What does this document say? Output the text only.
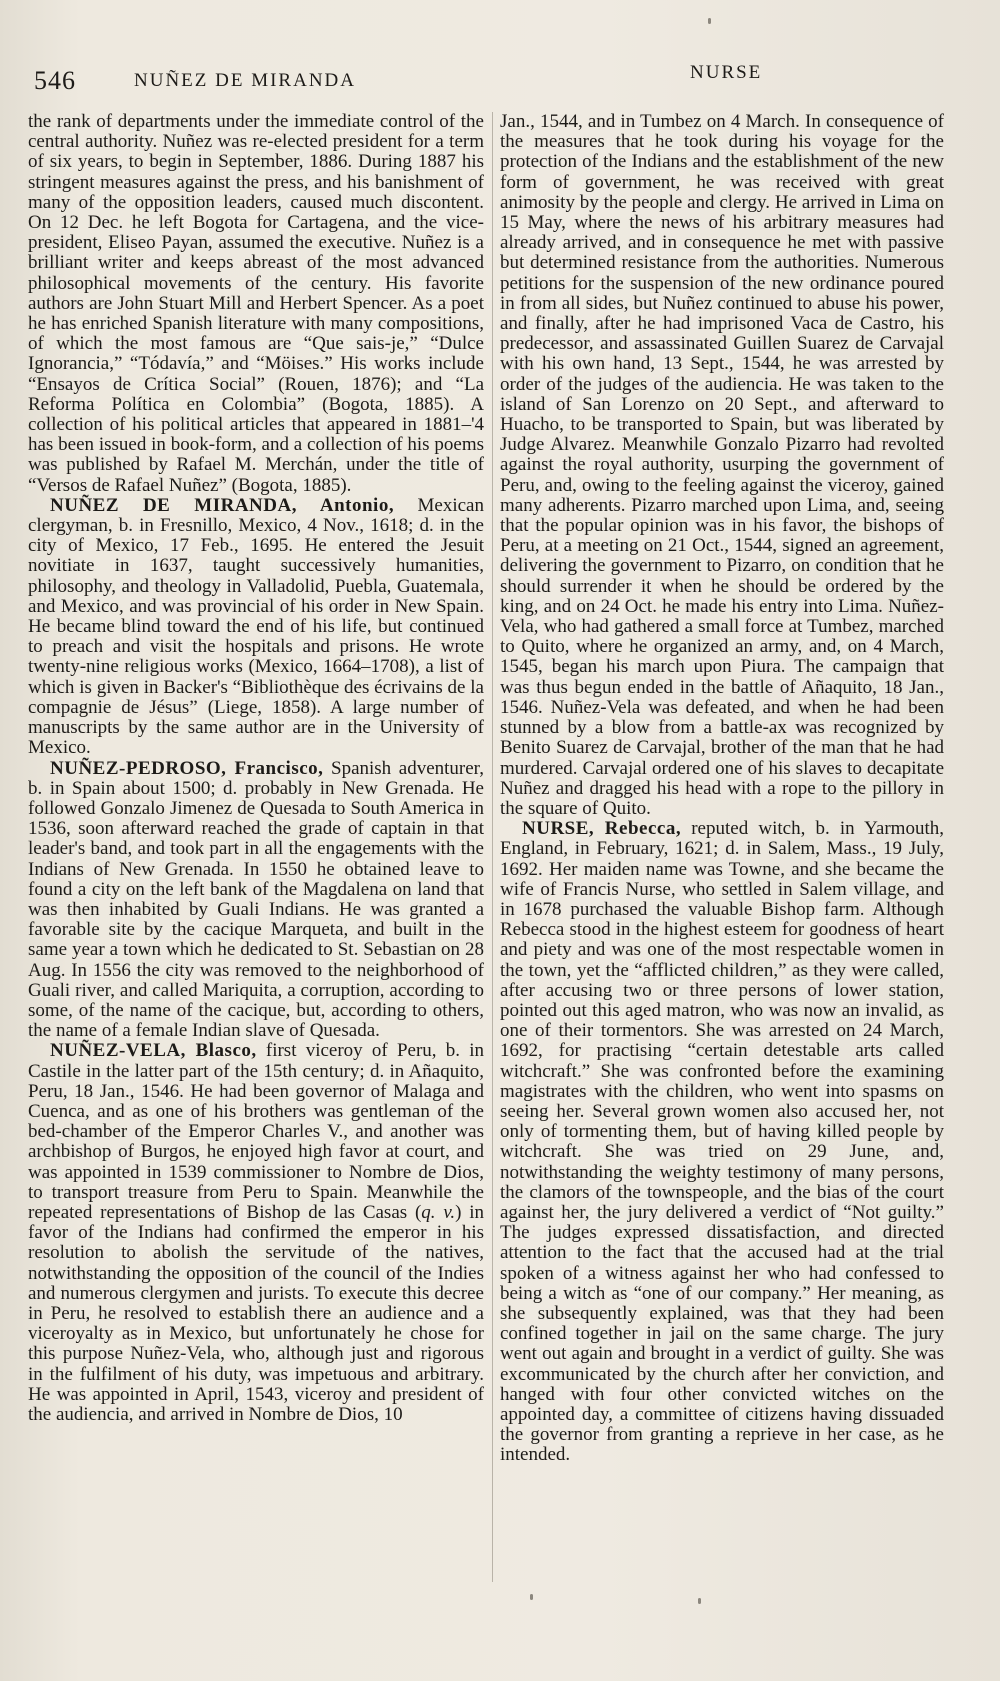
546	NUÑEZ DE MIRANDA	NURSE

the rank of departments under the immediate control of the central authority. Nuñez was re-elected president for a term of six years, to begin in September, 1886. During 1887 his stringent measures against the press, and his banishment of many of the opposition leaders, caused much discontent. On 12 Dec. he left Bogota for Cartagena, and the vice-president, Eliseo Payan, assumed the executive. Nuñez is a brilliant writer and keeps abreast of the most advanced philosophical movements of the century. His favorite authors are John Stuart Mill and Herbert Spencer. As a poet he has enriched Spanish literature with many compositions, of which the most famous are “Que sais-je,” “Dulce Ignorancia,” “Tódavía,” and “Möises.” His works include “Ensayos de Crítica Social” (Rouen, 1876); and “La Reforma Política en Colombia” (Bogota, 1885). A collection of his political articles that appeared in 1881–'4 has been issued in book-form, and a collection of his poems was published by Rafael M. Merchán, under the title of “Versos de Rafael Nuñez” (Bogota, 1885).

NUÑEZ DE MIRANDA, Antonio, Mexican clergyman, b. in Fresnillo, Mexico, 4 Nov., 1618; d. in the city of Mexico, 17 Feb., 1695. He entered the Jesuit novitiate in 1637, taught successively humanities, philosophy, and theology in Valladolid, Puebla, Guatemala, and Mexico, and was provincial of his order in New Spain. He became blind toward the end of his life, but continued to preach and visit the hospitals and prisons. He wrote twenty-nine religious works (Mexico, 1664–1708), a list of which is given in Backer's “Bibliothèque des écrivains de la compagnie de Jésus” (Liege, 1858). A large number of manuscripts by the same author are in the University of Mexico.

NUÑEZ-PEDROSO, Francisco, Spanish adventurer, b. in Spain about 1500; d. probably in New Grenada. He followed Gonzalo Jimenez de Quesada to South America in 1536, soon afterward reached the grade of captain in that leader's band, and took part in all the engagements with the Indians of New Grenada. In 1550 he obtained leave to found a city on the left bank of the Magdalena on land that was then inhabited by Guali Indians. He was granted a favorable site by the cacique Marqueta, and built in the same year a town which he dedicated to St. Sebastian on 28 Aug. In 1556 the city was removed to the neighborhood of Guali river, and called Mariquita, a corruption, according to some, of the name of the cacique, but, according to others, the name of a female Indian slave of Quesada.

NUÑEZ-VELA, Blasco, first viceroy of Peru, b. in Castile in the latter part of the 15th century; d. in Añaquito, Peru, 18 Jan., 1546. He had been governor of Malaga and Cuenca, and as one of his brothers was gentleman of the bed-chamber of the Emperor Charles V., and another was archbishop of Burgos, he enjoyed high favor at court, and was appointed in 1539 commissioner to Nombre de Dios, to transport treasure from Peru to Spain. Meanwhile the repeated representations of Bishop de las Casas (q. v.) in favor of the Indians had confirmed the emperor in his resolution to abolish the servitude of the natives, notwithstanding the opposition of the council of the Indies and numerous clergymen and jurists. To execute this decree in Peru, he resolved to establish there an audience and a viceroyalty as in Mexico, but unfortunately he chose for this purpose Nuñez-Vela, who, although just and rigorous in the fulfilment of his duty, was impetuous and arbitrary. He was appointed in April, 1543, viceroy and president of the audiencia, and arrived in Nombre de Dios, 10

Jan., 1544, and in Tumbez on 4 March. In consequence of the measures that he took during his voyage for the protection of the Indians and the establishment of the new form of government, he was received with great animosity by the people and clergy. He arrived in Lima on 15 May, where the news of his arbitrary measures had already arrived, and in consequence he met with passive but determined resistance from the authorities. Numerous petitions for the suspension of the new ordinance poured in from all sides, but Nuñez continued to abuse his power, and finally, after he had imprisoned Vaca de Castro, his predecessor, and assassinated Guillen Suarez de Carvajal with his own hand, 13 Sept., 1544, he was arrested by order of the judges of the audiencia. He was taken to the island of San Lorenzo on 20 Sept., and afterward to Huacho, to be transported to Spain, but was liberated by Judge Alvarez. Meanwhile Gonzalo Pizarro had revolted against the royal authority, usurping the government of Peru, and, owing to the feeling against the viceroy, gained many adherents. Pizarro marched upon Lima, and, seeing that the popular opinion was in his favor, the bishops of Peru, at a meeting on 21 Oct., 1544, signed an agreement, delivering the government to Pizarro, on condition that he should surrender it when he should be ordered by the king, and on 24 Oct. he made his entry into Lima. Nuñez-Vela, who had gathered a small force at Tumbez, marched to Quito, where he organized an army, and, on 4 March, 1545, began his march upon Piura. The campaign that was thus begun ended in the battle of Añaquito, 18 Jan., 1546. Nuñez-Vela was defeated, and when he had been stunned by a blow from a battle-ax was recognized by Benito Suarez de Carvajal, brother of the man that he had murdered. Carvajal ordered one of his slaves to decapitate Nuñez and dragged his head with a rope to the pillory in the square of Quito.

NURSE, Rebecca, reputed witch, b. in Yarmouth, England, in February, 1621; d. in Salem, Mass., 19 July, 1692. Her maiden name was Towne, and she became the wife of Francis Nurse, who settled in Salem village, and in 1678 purchased the valuable Bishop farm. Although Rebecca stood in the highest esteem for goodness of heart and piety and was one of the most respectable women in the town, yet the “afflicted children,” as they were called, after accusing two or three persons of lower station, pointed out this aged matron, who was now an invalid, as one of their tormentors. She was arrested on 24 March, 1692, for practising “certain detestable arts called witchcraft.” She was confronted before the examining magistrates with the children, who went into spasms on seeing her. Several grown women also accused her, not only of tormenting them, but of having killed people by witchcraft. She was tried on 29 June, and, notwithstanding the weighty testimony of many persons, the clamors of the townspeople, and the bias of the court against her, the jury delivered a verdict of “Not guilty.” The judges expressed dissatisfaction, and directed attention to the fact that the accused had at the trial spoken of a witness against her who had confessed to being a witch as “one of our company.” Her meaning, as she subsequently explained, was that they had been confined together in jail on the same charge. The jury went out again and brought in a verdict of guilty. She was excommunicated by the church after her conviction, and hanged with four other convicted witches on the appointed day, a committee of citizens having dissuaded the governor from granting a reprieve in her case, as he intended.
